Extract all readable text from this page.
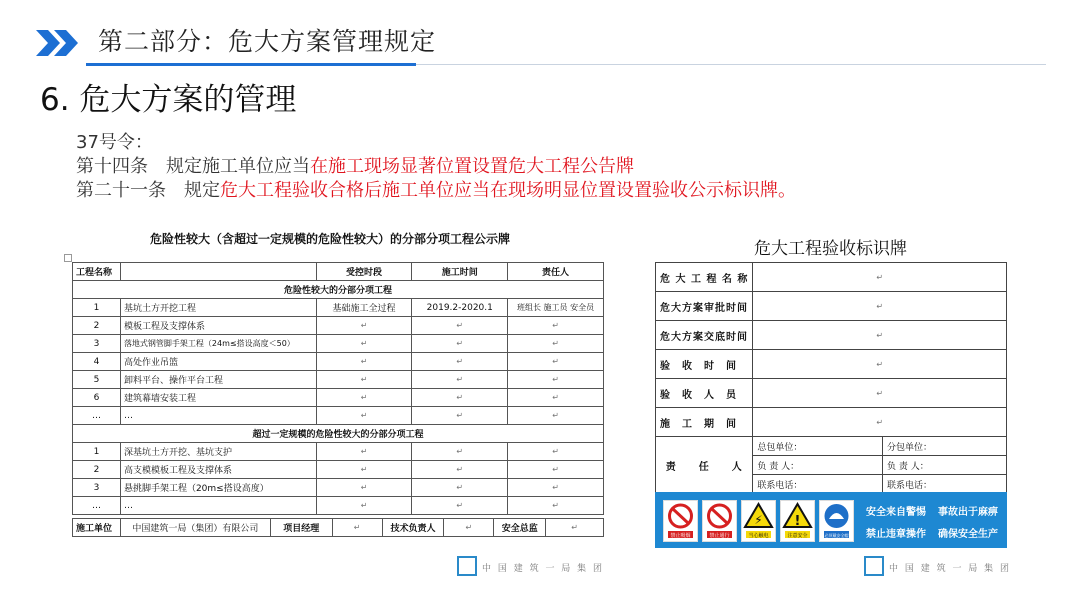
第二部分：危大方案管理规定
6. 危大方案的管理
37号令：
第十四条　规定施工单位应当在施工现场显著位置设置危大工程公告牌
第二十一条　规定危大工程验收合格后施工单位应当在现场明显位置设置验收公示标识牌。
危险性较大（含超过一定规模的危险性较大）的分部分项工程公示牌
工程名称		受控时段	施工时间	责任人
危险性较大的分部分项工程				
1	基坑土方开挖工程	基础施工全过程	2019.2-2020.1	班组长 施工员 安全员
2	模板工程及支撑体系	↵	↵	↵
3	落地式钢管脚手架工程（24m≤搭设高度＜50）	↵	↵	↵
4	高处作业吊篮	↵	↵	↵
5	卸料平台、操作平台工程	↵	↵	↵
6	建筑幕墙安装工程	↵	↵	↵
…	…	↵	↵	↵
超过一定规模的危险性较大的分部分项工程				
1	深基坑土方开挖、基坑支护	↵	↵	↵
2	高支模模板工程及支撑体系	↵	↵	↵
3	悬挑脚手架工程（20m≤搭设高度）	↵	↵	↵
…	…	↵	↵	↵
施工单位	中国建筑一局（集团）有限公司	项目经理	↵	技术负责人	↵	安全总监	↵
中 国 建 筑 一 局 集 团
危大工程验收标识牌
危 大 工 程 名 称	↵	
危大方案审批时间	↵	
危大方案交底时间	↵	
验　收　时　间	↵	
验　收　人　员	↵	
施　工　期　间	↵	
责　　任　　人	总包单位：	分包单位：
	负 责 人：	负 责 人：
	联系电话：	联系电话：
禁止吸烟	禁止通行
⚡
当心触电
!
注意安全	必须戴安全帽
安全来自警惕 事故出于麻痹
禁止违章操作 确保安全生产
中 国 建 筑 一 局 集 团
